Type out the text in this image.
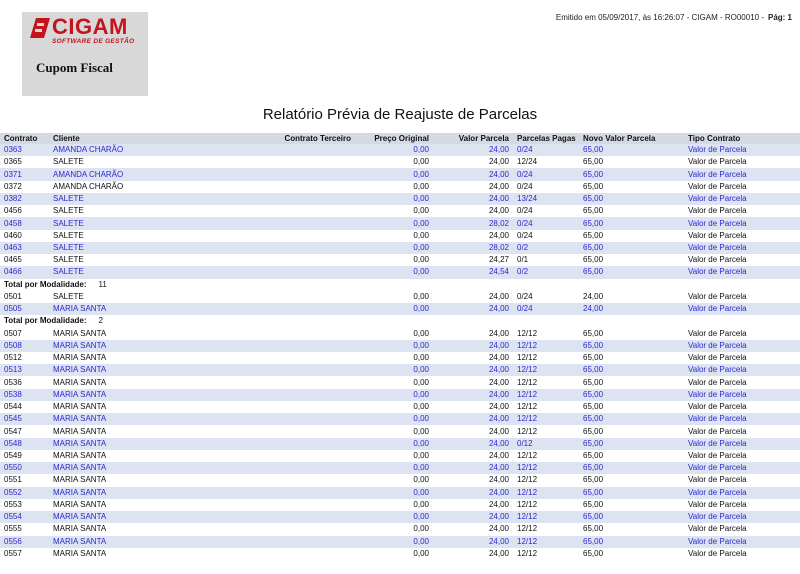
CIGAM
SOFTWARE DE GESTÃO
Cupom Fiscal
Emitido em 05/09/2017, às 16:26:07 - CIGAM - RO00010 - Pág: 1
Relatório Prévia de Reajuste de Parcelas
Contrato	Cliente	Contrato Terceiro	Preço Original	Valor Parcela	Parcelas Pagas	Novo Valor Parcela	Tipo Contrato
0363	AMANDA CHARÃO		0,00	24,00	0/24	65,00	Valor de Parcela
0365	SALETE		0,00	24,00	12/24	65,00	Valor de Parcela
0371	AMANDA CHARÃO		0,00	24,00	0/24	65,00	Valor de Parcela
0372	AMANDA CHARÃO		0,00	24,00	0/24	65,00	Valor de Parcela
0382	SALETE		0,00	24,00	13/24	65,00	Valor de Parcela
0456	SALETE		0,00	24,00	0/24	65,00	Valor de Parcela
0458	SALETE		0,00	28,02	0/24	65,00	Valor de Parcela
0460	SALETE		0,00	24,00	0/24	65,00	Valor de Parcela
0463	SALETE		0,00	28,02	0/2	65,00	Valor de Parcela
0465	SALETE		0,00	24,27	0/1	65,00	Valor de Parcela
0466	SALETE		0,00	24,54	0/2	65,00	Valor de Parcela
Total por Modalidade: 11							
0501	SALETE		0,00	24,00	0/24	24,00	Valor de Parcela
0505	MARIA SANTA		0,00	24,00	0/24	24,00	Valor de Parcela
Total por Modalidade: 2							
0507	MARIA SANTA		0,00	24,00	12/12	65,00	Valor de Parcela
0508	MARIA SANTA		0,00	24,00	12/12	65,00	Valor de Parcela
0512	MARIA SANTA		0,00	24,00	12/12	65,00	Valor de Parcela
0513	MARIA SANTA		0,00	24,00	12/12	65,00	Valor de Parcela
0536	MARIA SANTA		0,00	24,00	12/12	65,00	Valor de Parcela
0538	MARIA SANTA		0,00	24,00	12/12	65,00	Valor de Parcela
0544	MARIA SANTA		0,00	24,00	12/12	65,00	Valor de Parcela
0545	MARIA SANTA		0,00	24,00	12/12	65,00	Valor de Parcela
0547	MARIA SANTA		0,00	24,00	12/12	65,00	Valor de Parcela
0548	MARIA SANTA		0,00	24,00	0/12	65,00	Valor de Parcela
0549	MARIA SANTA		0,00	24,00	12/12	65,00	Valor de Parcela
0550	MARIA SANTA		0,00	24,00	12/12	65,00	Valor de Parcela
0551	MARIA SANTA		0,00	24,00	12/12	65,00	Valor de Parcela
0552	MARIA SANTA		0,00	24,00	12/12	65,00	Valor de Parcela
0553	MARIA SANTA		0,00	24,00	12/12	65,00	Valor de Parcela
0554	MARIA SANTA		0,00	24,00	12/12	65,00	Valor de Parcela
0555	MARIA SANTA		0,00	24,00	12/12	65,00	Valor de Parcela
0556	MARIA SANTA		0,00	24,00	12/12	65,00	Valor de Parcela
0557	MARIA SANTA		0,00	24,00	12/12	65,00	Valor de Parcela
